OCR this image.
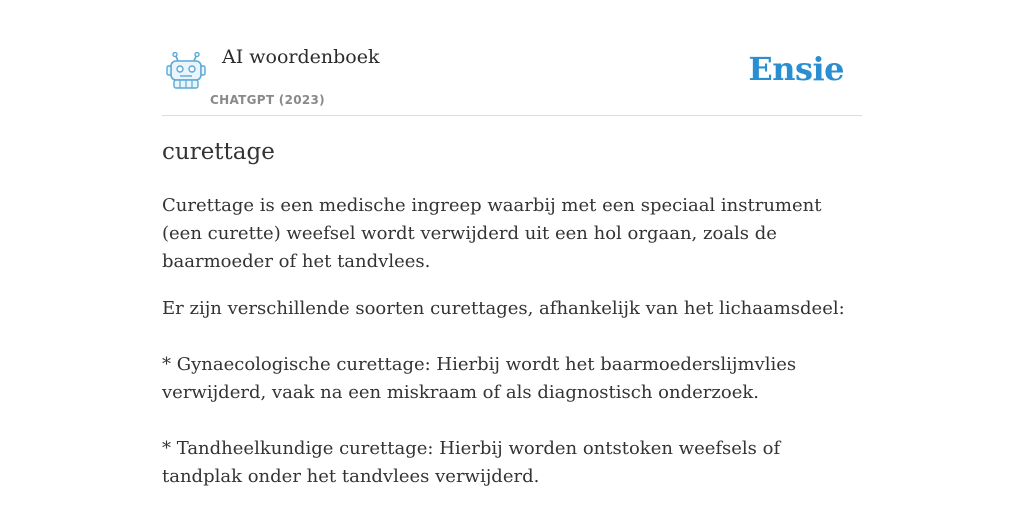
AI woordenboek
CHATGPT (2023)
Ensie
curettage

Curettage is een medische ingreep waarbij met een speciaal instrument (een curette) weefsel wordt verwijderd uit een hol orgaan, zoals de baarmoeder of het tandvlees.

Er zijn verschillende soorten curettages, afhankelijk van het lichaamsdeel:

* Gynaecologische curettage: Hierbij wordt het baarmoederslijmvlies verwijderd, vaak na een miskraam of als diagnostisch onderzoek.

* Tandheelkundige curettage: Hierbij worden ontstoken weefsels of tandplak onder het tandvlees verwijderd.
